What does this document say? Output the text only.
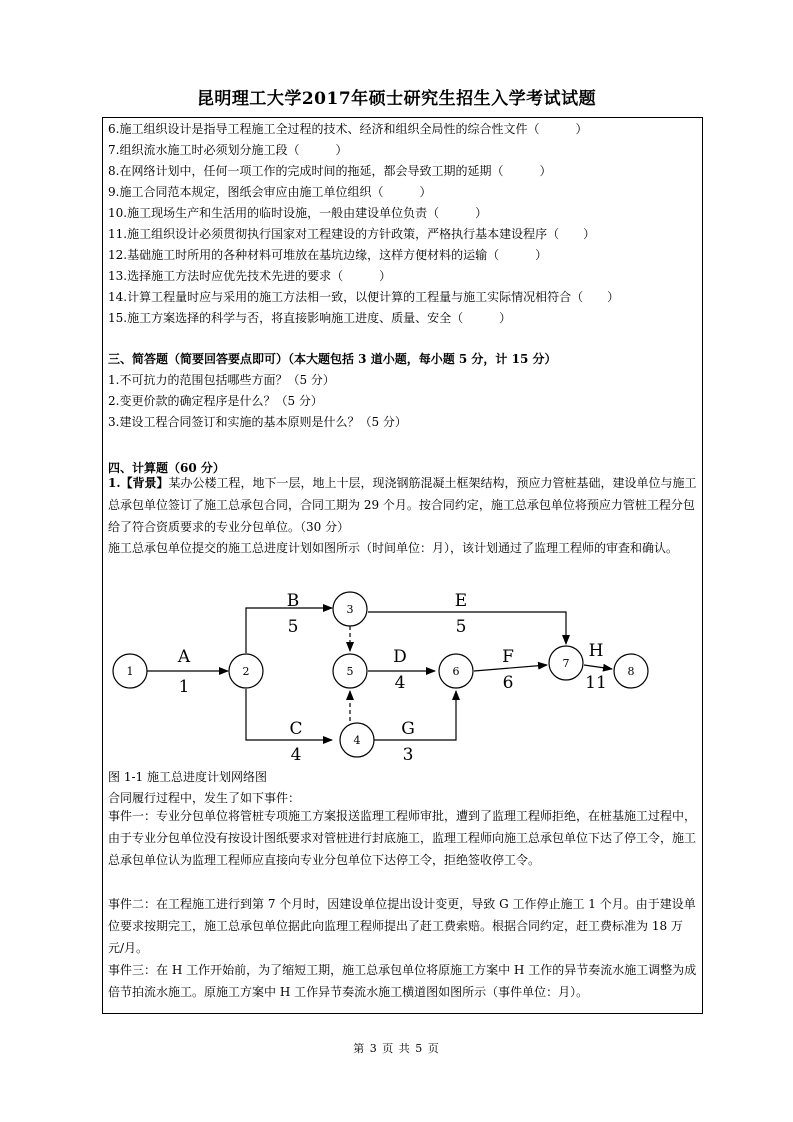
昆明理工大学2017年硕士研究生招生入学考试试题
6.施工组织设计是指导工程施工全过程的技术、经济和组织全局性的综合性文件（　　　）
7.组织流水施工时必须划分施工段（　　　）
8.在网络计划中，任何一项工作的完成时间的拖延，都会导致工期的延期（　　　）
9.施工合同范本规定，图纸会审应由施工单位组织（　　　）
10.施工现场生产和生活用的临时设施，一般由建设单位负责（　　　）
11.施工组织设计必须贯彻执行国家对工程建设的方针政策，严格执行基本建设程序（　　）
12.基础施工时所用的各种材料可堆放在基坑边缘，这样方便材料的运输（　　　）
13.选择施工方法时应优先技术先进的要求（　　　）
14.计算工程量时应与采用的施工方法相一致，以便计算的工程量与施工实际情况相符合（　　）
15.施工方案选择的科学与否，将直接影响施工进度、质量、安全（　　　）
三、简答题（简要回答要点即可）（本大题包括 3 道小题，每小题 5 分，计 15 分）
1.不可抗力的范围包括哪些方面？（5 分）
2.变更价款的确定程序是什么？（5 分）
3.建设工程合同签订和实施的基本原则是什么？（5 分）
四、计算题（60 分）
1.【背景】某办公楼工程，地下一层，地上十层，现浇钢筋混凝土框架结构，预应力管桩基础，建设单位与施工总承包单位签订了施工总承包合同，合同工期为 29 个月。按合同约定，施工总承包单位将预应力管桩工程分包给了符合资质要求的专业分包单位。（30 分）
施工总承包单位提交的施工总进度计划如图所示（时间单位：月），该计划通过了监理工程师的审查和确认。
1	2
3
4
5	6
7
8
A
1
B
5
C
4
D
4
E
5
F
6
G
3
H
11
图 1-1 施工总进度计划网络图
合同履行过程中，发生了如下事件：
事件一：专业分包单位将管桩专项施工方案报送监理工程师审批，遭到了监理工程师拒绝，在桩基施工过程中，由于专业分包单位没有按设计图纸要求对管桩进行封底施工，监理工程师向施工总承包单位下达了停工令，施工总承包单位认为监理工程师应直接向专业分包单位下达停工令，拒绝签收停工令。
事件二：在工程施工进行到第 7 个月时，因建设单位提出设计变更，导致 G 工作停止施工 1 个月。由于建设单位要求按期完工，施工总承包单位据此向监理工程师提出了赶工费索赔。根据合同约定，赶工费标准为 18 万元/月。
事件三：在 H 工作开始前，为了缩短工期，施工总承包单位将原施工方案中 H 工作的异节奏流水施工调整为成倍节拍流水施工。原施工方案中 H 工作异节奏流水施工横道图如图所示（事件单位：月）。
第 3 页 共 5 页
